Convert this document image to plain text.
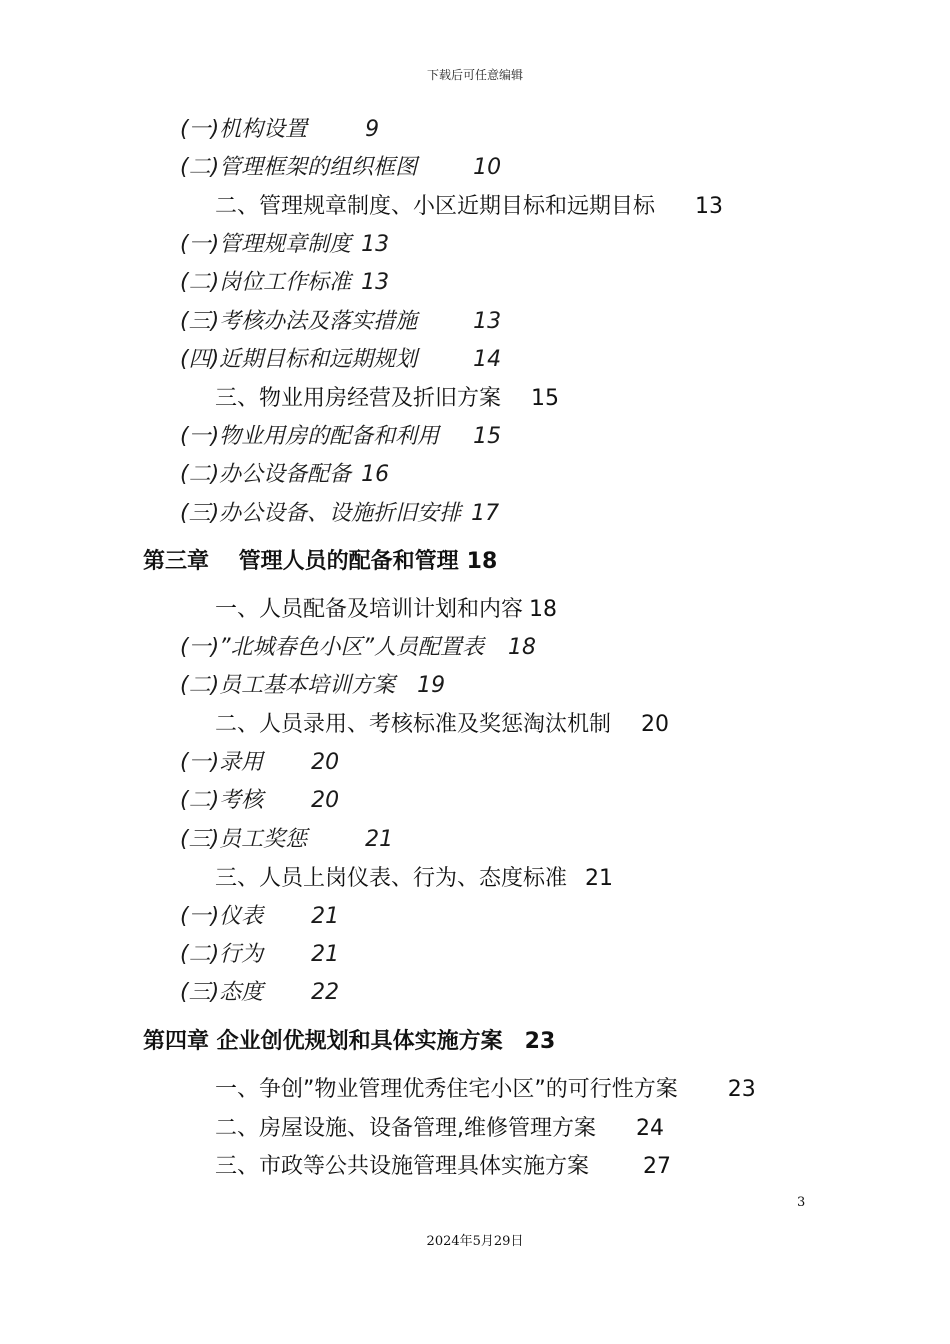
下载后可任意编辑
(一)机构设置	9
(二)管理框架的组织框图	10
二、管理规章制度、小区近期目标和远期目标 13
(一)管理规章制度 13
(二)岗位工作标准 13
(三)考核办法及落实措施	13
(四)近期目标和远期规划	14
三、物业用房经营及折旧方案 15
(一)物业用房的配备和利用 15
(二)办公设备配备 16
(三)办公设备、设施折旧安排 17
第三章　 管理人员的配备和管理 18
一、人员配备及培训计划和内容 18
(一)”北城春色小区”人员配置表 18
(二)员工基本培训方案 19
二、人员录用、考核标准及奖惩淘汰机制 20
(一)录用 20
(二)考核 20
(三)员工奖惩	21
三、人员上岗仪表、行为、态度标准 21
(一)仪表 21
(二)行为 21
(三)态度 22
第四章 企业创优规划和具体实施方案 23
一、争创”物业管理优秀住宅小区”的可行性方案 23
二、房屋设施、设备管理,维修管理方案 24
三、市政等公共设施管理具体实施方案 27
3
2024年5月29日
